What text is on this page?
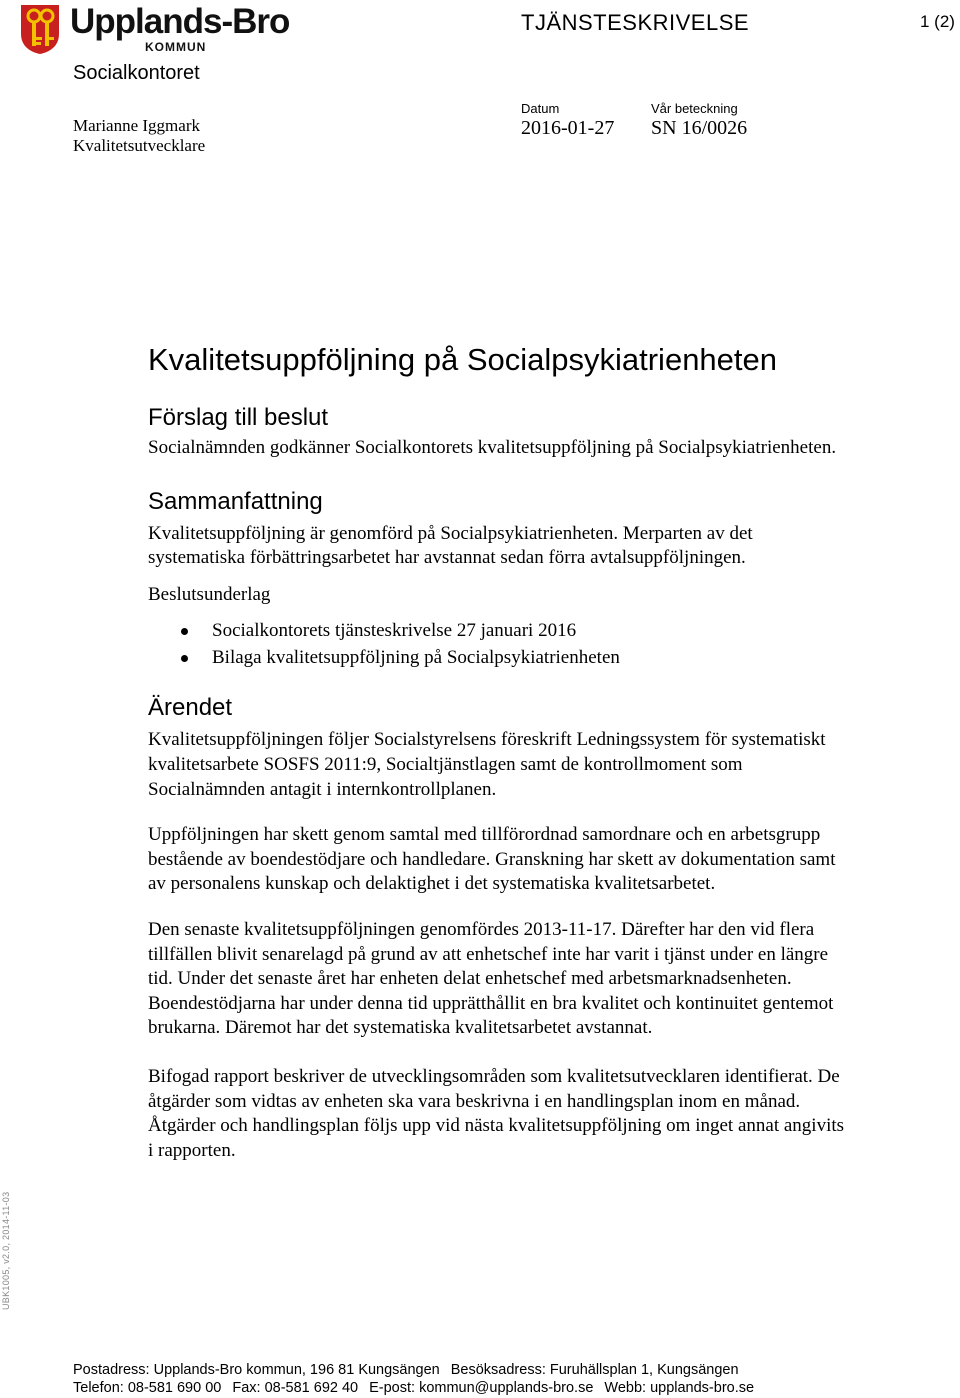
Upplands-Bro
KOMMUN
Socialkontoret
TJÄNSTESKRIVELSE	1 (2)
Marianne Iggmark
Kvalitetsutvecklare
Datum
2016-01-27
Vår beteckning
SN 16/0026
Kvalitetsuppföljning på Socialpsykiatrienheten
Förslag till beslut

Socialnämnden godkänner Socialkontorets kvalitetsuppföljning på Socialpsykiatrienheten.

Sammanfattning

Kvalitetsuppföljning är genomförd på Socialpsykiatrienheten. Merparten av det systematiska förbättringsarbetet har avstannat sedan förra avtalsuppföljningen.

Beslutsunderlag

Socialkontorets tjänsteskrivelse 27 januari 2016
Bilaga kvalitetsuppföljning på Socialpsykiatrienheten
Ärendet

Kvalitetsuppföljningen följer Socialstyrelsens föreskrift Ledningssystem för systematiskt kvalitetsarbete SOSFS 2011:9, Socialtjänstlagen samt de kontrollmoment som Socialnämnden antagit i internkontrollplanen.

Uppföljningen har skett genom samtal med tillförordnad samordnare och en arbetsgrupp bestående av boendestödjare och handledare. Granskning har skett av dokumentation samt av personalens kunskap och delaktighet i det systematiska kvalitetsarbetet.

Den senaste kvalitetsuppföljningen genomfördes 2013-11-17. Därefter har den vid flera tillfällen blivit senarelagd på grund av att enhetschef inte har varit i tjänst under en längre tid. Under det senaste året har enheten delat enhetschef med arbetsmarknadsenheten. Boendestödjarna har under denna tid upprätthållit en bra kvalitet och kontinuitet gentemot brukarna. Däremot har det systematiska kvalitetsarbetet avstannat.

Bifogad rapport beskriver de utvecklingsområden som kvalitetsutvecklaren identifierat. De åtgärder som vidtas av enheten ska vara beskrivna i en handlingsplan inom en månad. Åtgärder och handlingsplan följs upp vid nästa kvalitetsuppföljning om inget annat angivits i rapporten.

UBK1005, v2.0, 2014-11-03
Postadress: Upplands-Bro kommun, 196 81 Kungsängen Besöksadress: Furuhällsplan 1, Kungsängen
Telefon: 08-581 690 00 Fax: 08-581 692 40 E-post: kommun@upplands-bro.se Webb: upplands-bro.se
